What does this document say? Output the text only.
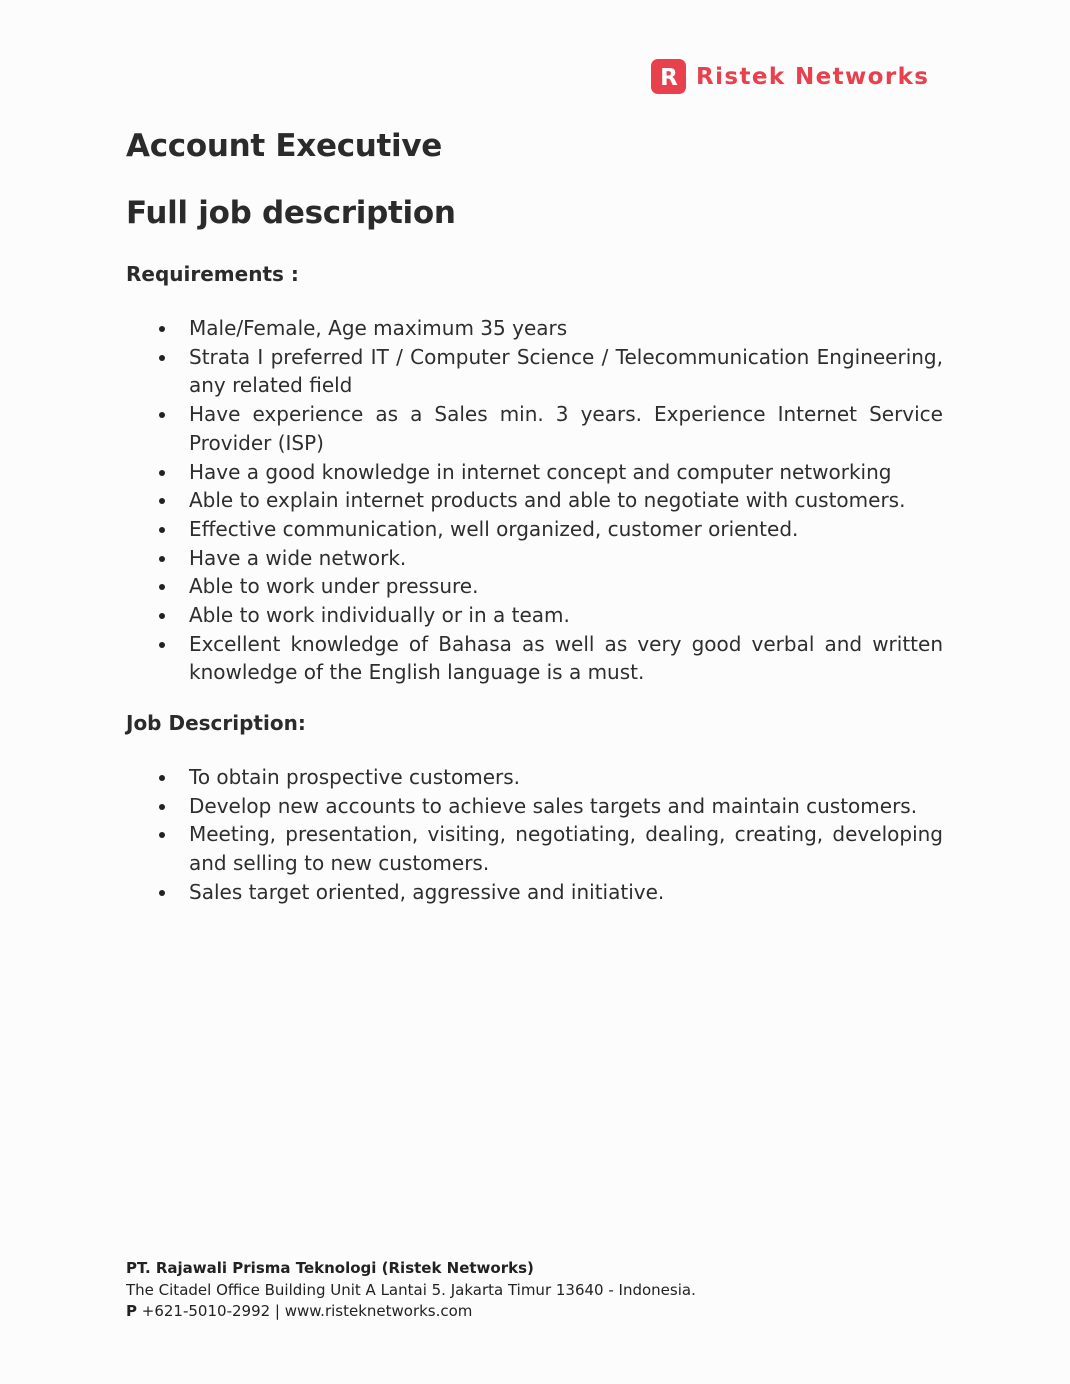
R Ristek Networks
Account Executive
Full job description
Requirements :
Male/Female, Age maximum 35 years
Strata I preferred IT / Computer Science / Telecommunication Engineering, any related field
Have experience as a Sales min. 3 years. Experience Internet Service Provider (ISP)
Have a good knowledge in internet concept and computer networking
Able to explain internet products and able to negotiate with customers.
Effective communication, well organized, customer oriented.
Have a wide network.
Able to work under pressure.
Able to work individually or in a team.
Excellent knowledge of Bahasa as well as very good verbal and written knowledge of the English language is a must.
Job Description:
To obtain prospective customers.
Develop new accounts to achieve sales targets and maintain customers.
Meeting, presentation, visiting, negotiating, dealing, creating, developing and selling to new customers.
Sales target oriented, aggressive and initiative.
PT. Rajawali Prisma Teknologi (Ristek Networks)
The Citadel Office Building Unit A Lantai 5. Jakarta Timur 13640 - Indonesia.
P +621-5010-2992 | www.risteknetworks.com
